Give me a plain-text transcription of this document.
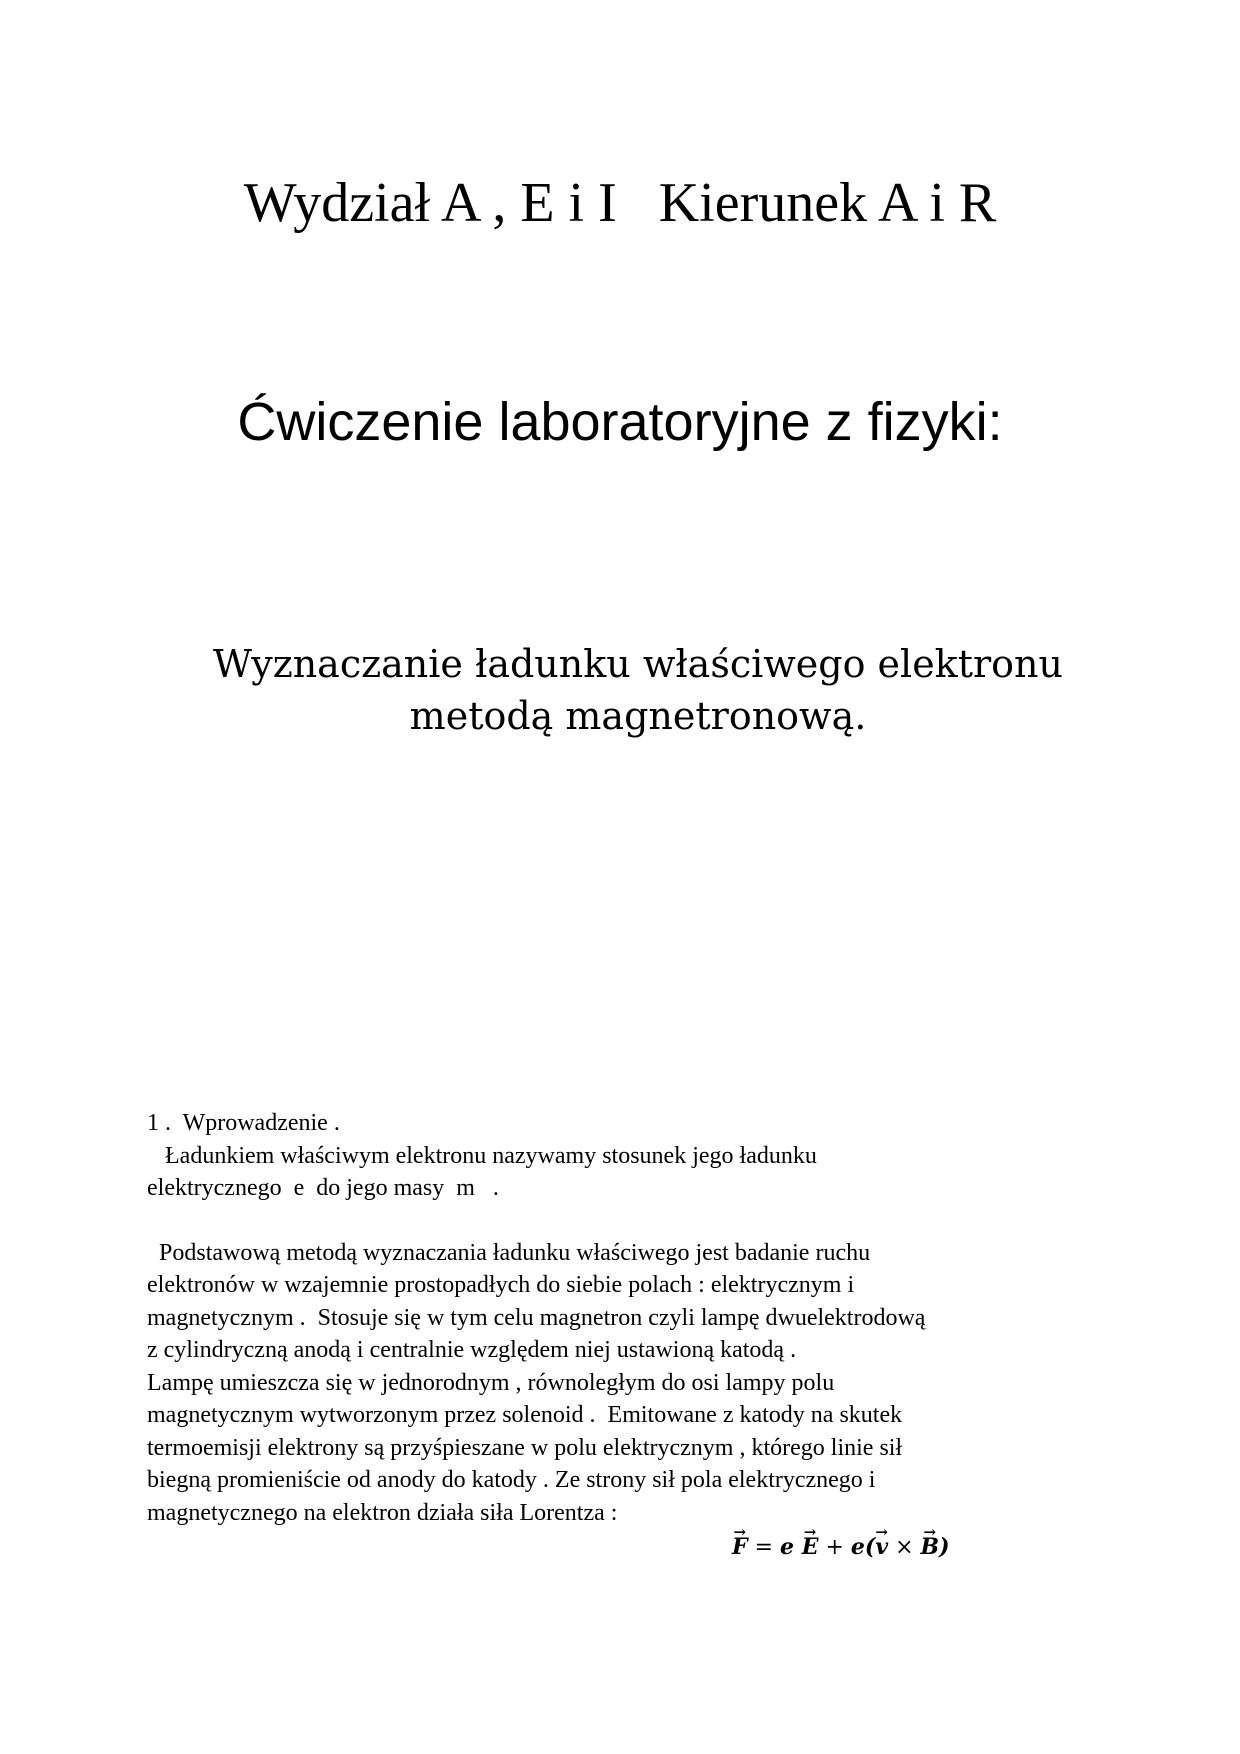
Wydział A , E i I   Kierunek A i R
Ćwiczenie laboratoryjne z fizyki:
Wyznaczanie ładunku właściwego elektronu
metodą magnetronową.
1 .  Wprowadzenie .
Ładunkiem właściwym elektronu nazywamy stosunek jego ładunku
elektrycznego  e  do jego masy  m   .
Podstawową metodą wyznaczania ładunku właściwego jest badanie ruchu
elektronów w wzajemnie prostopadłych do siebie polach : elektrycznym i
magnetycznym .  Stosuje się w tym celu magnetron czyli lampę dwuelektrodową
z cylindryczną anodą i centralnie względem niej ustawioną katodą .
Lampę umieszcza się w jednorodnym , równoległym do osi lampy polu
magnetycznym wytworzonym przez solenoid .  Emitowane z katody na skutek
termoemisji elektrony są przyśpieszane w polu elektrycznym , którego linie sił
biegną promieniście od anody do katody . Ze strony sił pola elektrycznego i
magnetycznego na elektron działa siła Lorentza :
→ F = e → E + e(→ v × → B)
